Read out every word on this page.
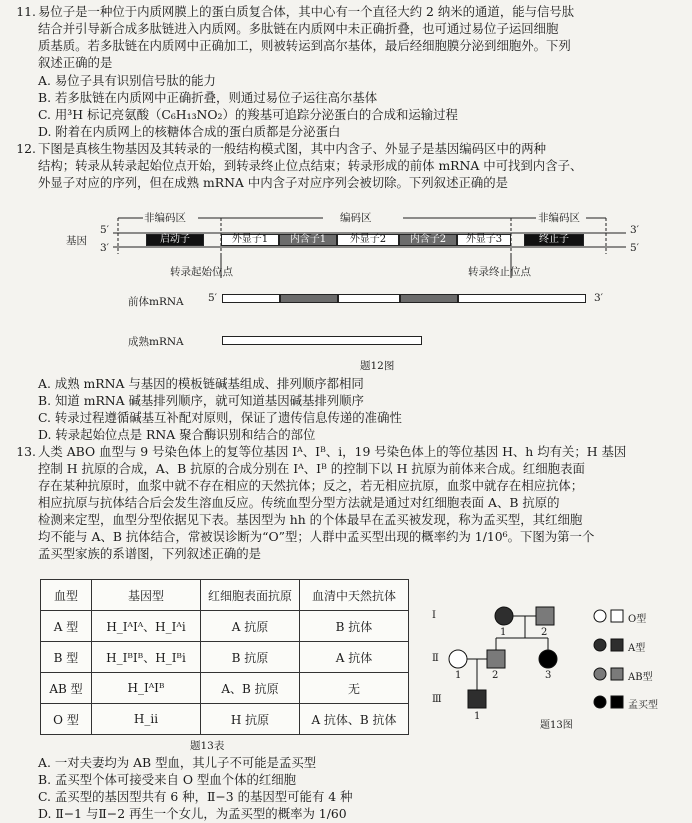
11. 易位子是一种位于内质网膜上的蛋白质复合体，其中心有一个直径大约 2 纳米的通道，能与信号肽
结合并引导新合成多肽链进入内质网。多肽链在内质网中未正确折叠，也可通过易位子运回细胞
质基质。若多肽链在内质网中正确加工，则被转运到高尔基体，最后经细胞膜分泌到细胞外。下列
叙述正确的是
A. 易位子具有识别信号肽的能力
B. 若多肽链在内质网中正确折叠，则通过易位子运往高尔基体
C. 用³H 标记亮氨酸（C₆H₁₃NO₂）的羧基可追踪分泌蛋白的合成和运输过程
D. 附着在内质网上的核糖体合成的蛋白质都是分泌蛋白
12. 下图是真核生物基因及其转录的一般结构模式图，其中内含子、外显子是基因编码区中的两种
结构；转录从转录起始位点开始，到转录终止位点结束；转录形成的前体 mRNA 中可找到内含子、
外显子对应的序列，但在成熟 mRNA 中内含子对应序列会被切除。下列叙述正确的是
非编码区	编码区	非编码区
基因
5′
3′
3′
5′
启动子	外显子1	内含子1	外显子2	内含子2	外显子3	终止子
转录起始位点	转录终止位点
前体mRNA 5′	3′
成熟mRNA
题12图
A. 成熟 mRNA 与基因的模板链碱基组成、排列顺序都相同
B. 知道 mRNA 碱基排列顺序，就可知道基因碱基排列顺序
C. 转录过程遵循碱基互补配对原则，保证了遗传信息传递的准确性
D. 转录起始位点是 RNA 聚合酶识别和结合的部位
13. 人类 ABO 血型与 9 号染色体上的复等位基因 Iᴬ、Iᴮ、i，19 号染色体上的等位基因 H、h 均有关；H 基因
控制 H 抗原的合成，A、B 抗原的合成分别在 Iᴬ、Iᴮ 的控制下以 H 抗原为前体来合成。红细胞表面
存在某种抗原时，血浆中就不存在相应的天然抗体；反之，若无相应抗原，血浆中就存在相应抗体；
相应抗原与抗体结合后会发生溶血反应。传统血型分型方法就是通过对红细胞表面 A、B 抗原的
检测来定型，血型分型依据见下表。基因型为 hh 的个体最早在孟买被发现，称为孟买型，其红细胞
均不能与 A、B 抗体结合，常被误诊断为“O”型；人群中孟买型出现的概率约为 1/10⁶。下图为第一个
孟买型家族的系谱图，下列叙述正确的是
血型	基因型	红细胞表面抗原	血清中天然抗体
A 型	H_IᴬIᴬ、H_Iᴬi	A 抗原	B 抗体
B 型	H_IᴮIᴮ、H_Iᴮi	B 抗原	A 抗体
AB 型	H_IᴬIᴮ	A、B 抗原	无
O 型	H_ii	H 抗原	A 抗体、B 抗体
题13表
Ⅰ
Ⅱ
Ⅲ
1	2
1	2	3
1
O型
A型
AB型
孟买型
题13图
A. 一对夫妻均为 AB 型血，其儿子不可能是孟买型
B. 孟买型个体可接受来自 O 型血个体的红细胞
C. 孟买型的基因型共有 6 种，Ⅱ−3 的基因型可能有 4 种
D. Ⅱ−1 与Ⅱ−2 再生一个女儿，为孟买型的概率为 1/60
